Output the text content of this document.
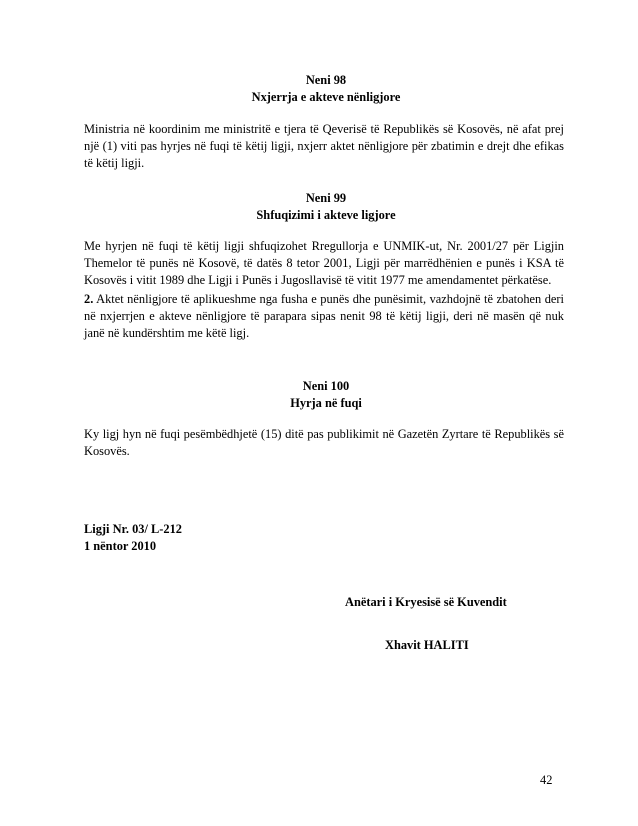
Neni 98
Nxjerrja e akteve nënligjore

Ministria në koordinim me ministritë e tjera të Qeverisë të Republikës së Kosovës, në afat prej një (1) viti pas hyrjes në fuqi të këtij ligji, nxjerr aktet nënligjore për zbatimin e drejt dhe efikas të këtij ligji.

Neni 99
Shfuqizimi i akteve ligjore

Me hyrjen në fuqi të këtij ligji shfuqizohet Rregullorja e UNMIK-ut, Nr. 2001/27 për Ligjin Themelor të punës në Kosovë, të datës 8 tetor 2001, Ligji për marrëdhënien e punës i KSA të Kosovës i vitit 1989 dhe Ligji i Punës i Jugosllavisë të vitit 1977 me amendamentet përkatëse.

2. Aktet nënligjore të aplikueshme nga fusha e punës dhe punësimit, vazhdojnë të zbatohen deri në nxjerrjen e akteve nënligjore të parapara sipas nenit 98 të këtij ligji, deri në masën që nuk janë në kundërshtim me këtë ligj.

Neni 100
Hyrja në fuqi

Ky ligj hyn në fuqi pesëmbëdhjetë (15) ditë pas publikimit në Gazetën Zyrtare të Republikës së Kosovës.

Ligji Nr. 03/ L-212
1 nëntor 2010
Anëtari i Kryesisë së Kuvendit
Xhavit HALITI
42
